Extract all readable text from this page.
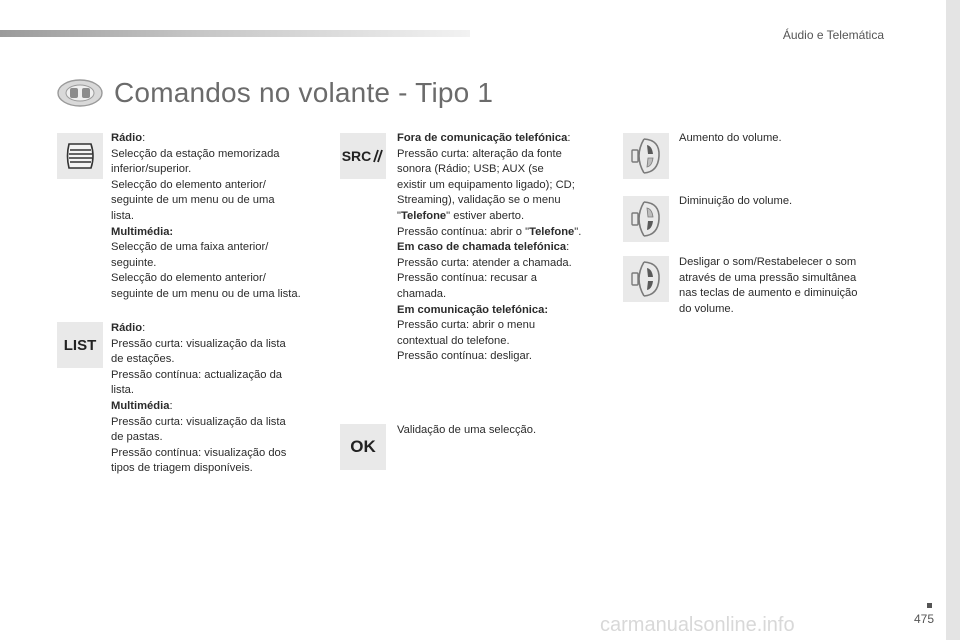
Áudio e Telemática
Comandos no volante - Tipo 1
LIST
Rádio:
Selecção da estação memorizada
inferior/superior.
Selecção do elemento anterior/
seguinte de um menu ou de uma
lista.
Multimédia:
Selecção de uma faixa anterior/
seguinte.
Selecção do elemento anterior/
seguinte de um menu ou de uma lista.
Rádio:
Pressão curta: visualização da lista
de estações.
Pressão contínua: actualização da
lista.
Multimédia:
Pressão curta: visualização da lista
de pastas.
Pressão contínua: visualização dos
tipos de triagem disponíveis.
SRC
OK
Fora de comunicação telefónica:
Pressão curta: alteração da fonte
sonora (Rádio; USB; AUX (se
existir um equipamento ligado); CD;
Streaming), validação se o menu
"Telefone" estiver aberto.
Pressão contínua: abrir o "Telefone".
Em caso de chamada telefónica:
Pressão curta: atender a chamada.
Pressão contínua: recusar a
chamada.
Em comunicação telefónica:
Pressão curta: abrir o menu
contextual do telefone.
Pressão contínua: desligar.
Validação de uma selecção.
Aumento do volume.
Diminuição do volume.
Desligar o som/Restabelecer o som
através de uma pressão simultânea
nas teclas de aumento e diminuição
do volume.
carmanualsonline.info	475
